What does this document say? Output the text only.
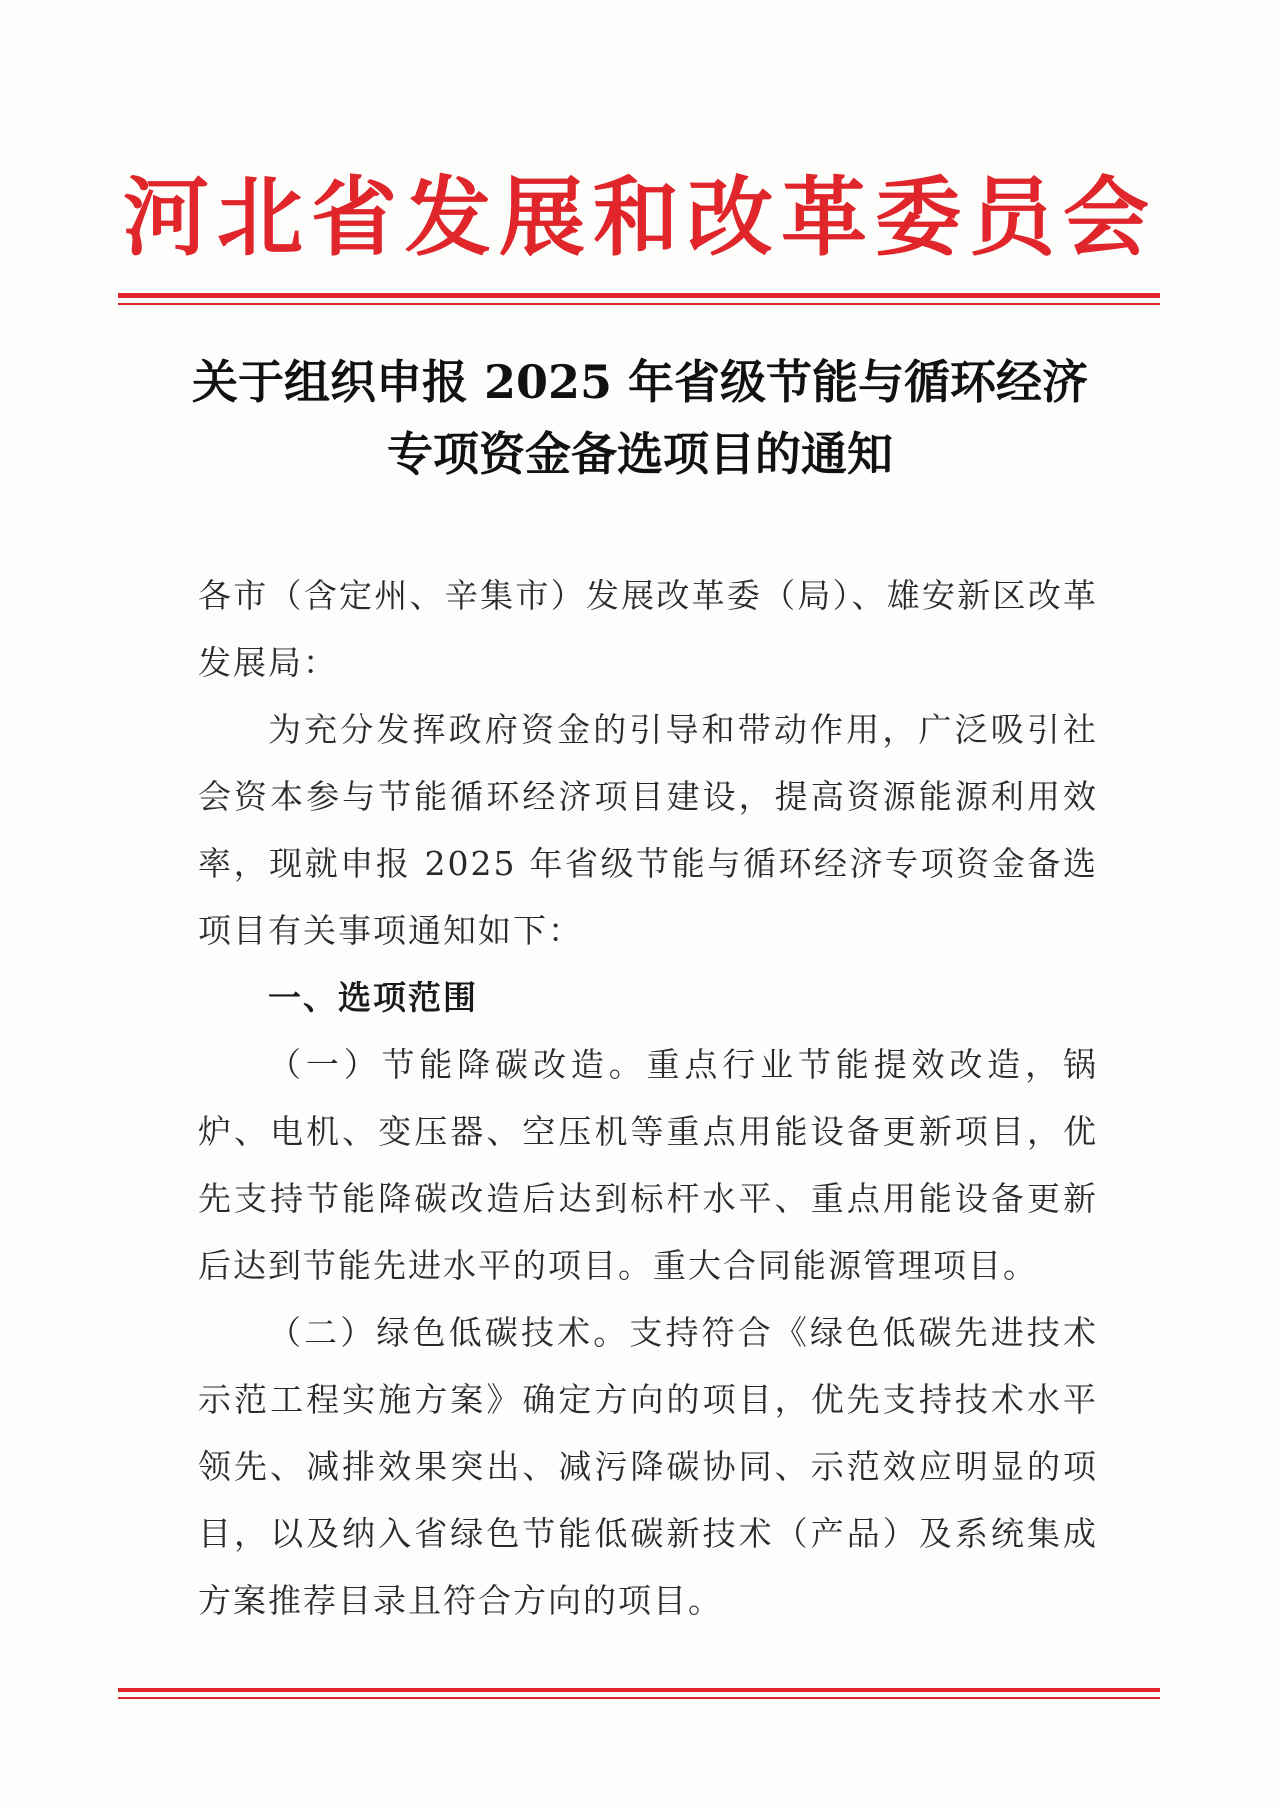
河北省发展和改革委员会
关于组织申报 2025 年省级节能与循环经济
专项资金备选项目的通知

各市（含定州、辛集市）发展改革委（局）、雄安新区改革发展局：

为充分发挥政府资金的引导和带动作用，广泛吸引社会资本参与节能循环经济项目建设，提高资源能源利用效率，现就申报 2025 年省级节能与循环经济专项资金备选项目有关事项通知如下：

一、选项范围

（一）节能降碳改造。重点行业节能提效改造，锅炉、电机、变压器、空压机等重点用能设备更新项目，优先支持节能降碳改造后达到标杆水平、重点用能设备更新后达到节能先进水平的项目。重大合同能源管理项目。

（二）绿色低碳技术。支持符合《绿色低碳先进技术示范工程实施方案》确定方向的项目，优先支持技术水平领先、减排效果突出、减污降碳协同、示范效应明显的项目，以及纳入省绿色节能低碳新技术（产品）及系统集成方案推荐目录且符合方向的项目。
